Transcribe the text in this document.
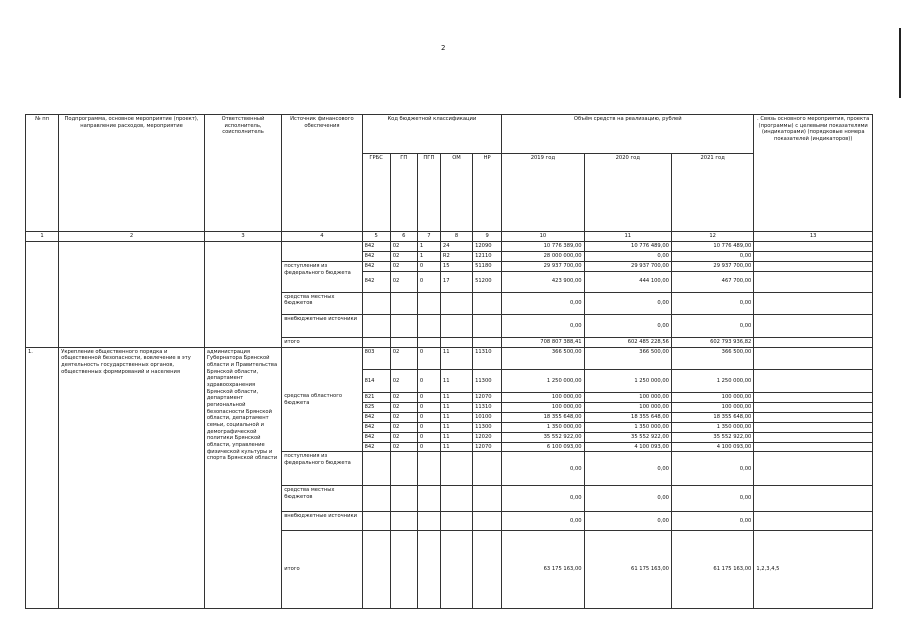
2
№ пп	Подпрограмма, основное мероприятие (проект), направление расходов, мероприятие	Ответственный исполнитель, соисполнитель	Источник финансового обеспечения	Код бюджетной классификации					Объём средств на реализацию, рублей			. Связь основного мероприятия, проекта (программы) с целевыми показателями (индикаторами) (порядковые номера показателей (индикаторов))
				ГРБС	ГП	ПГП	ОМ	НР	2019 год	2020 год	2021 год	
1	2	3	4	5	6	7	8	9	10	11	12	13
				842	02	1	24	12090	10 776 389,00	10 776 489,00	10 776 489,00	
				842	02	1	R2	12110	28 000 000,00	0,00	0,00	
			поступления из федерального бюджета	842	02	0	15	51180	29 937 700,00	29 937 700,00	29 937 700,00	
				842	02	0	17	51200	423 900,00	444 100,00	467 700,00	
			средства местных бюджетов						0,00	0,00	0,00	
			внебюджетные источники						0,00	0,00	0,00	
			итого						708 807 388,41	602 485 228,56	602 793 936,82	
1.	Укрепление общественного порядка и общественной безопасности, вовлечение в эту деятельность государственных органов, общественных формирований и населения	администрация Губернатора Брянской области и Правительства Брянской области, департамент здравоохранения Брянской области, департамент региональной безопасности Брянской области, департамент семьи, социальной и демографической политики Брянской области, управление физической культуры и спорта Брянской области	средства областного бюджета	803	02	0	11	11310	366 500,00	366 500,00	366 500,00	
				814	02	0	11	11300	1 250 000,00	1 250 000,00	1 250 000,00	
				821	02	0	11	12070	100 000,00	100 000,00	100 000,00	
				825	02	0	11	11310	100 000,00	100 000,00	100 000,00	
				842	02	0	11	10100	18 355 648,00	18 355 648,00	18 355 648,00	
				842	02	0	11	11300	1 350 000,00	1 350 000,00	1 350 000,00	
				842	02	0	11	12020	35 552 922,00	35 552 922,00	35 552 922,00	
				842	02	0	11	12070	6 100 093,00	4 100 093,00	4 100 093,00	
			поступления из федерального бюджета						0,00	0,00	0,00	
			средства местных бюджетов						0,00	0,00	0,00	
			внебюджетные источники						0,00	0,00	0,00	
			итого						63 175 163,00	61 175 163,00	61 175 163,00	1,2,3,4,5
